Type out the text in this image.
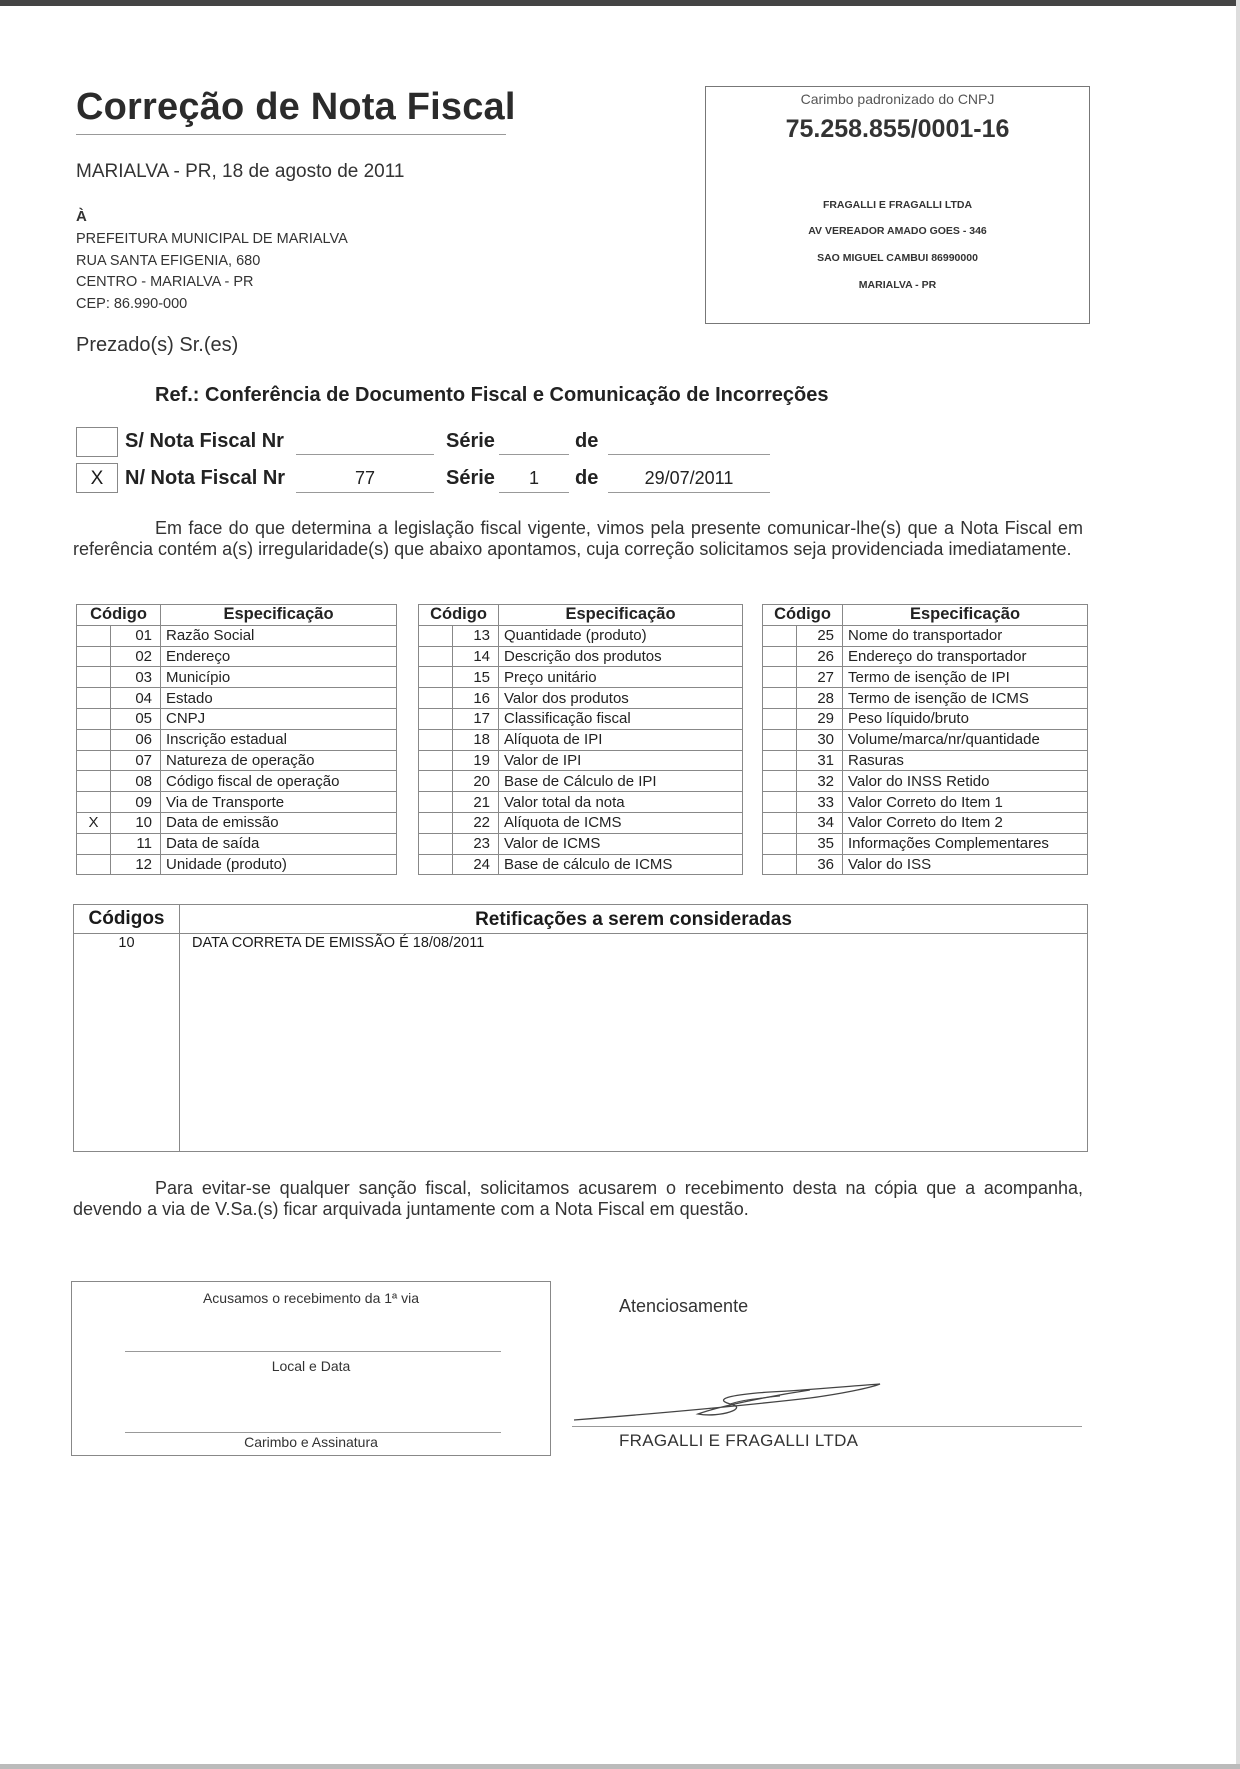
Correção de Nota Fiscal
MARIALVA - PR, 18 de agosto de 2011
À
PREFEITURA MUNICIPAL DE MARIALVA
RUA SANTA EFIGENIA, 680
CENTRO - MARIALVA - PR
CEP: 86.990-000
Prezado(s) Sr.(es)
Carimbo padronizado do CNPJ
75.258.855/0001-16
FRAGALLI E FRAGALLI LTDA
AV VEREADOR AMADO GOES - 346
SAO MIGUEL CAMBUI 86990000
MARIALVA - PR
Ref.: Conferência de Documento Fiscal e Comunicação de Incorreções
S/ Nota Fiscal Nr	Série	de
X	N/ Nota Fiscal Nr	77	Série	1	de	29/07/2011
Em face do que determina a legislação fiscal vigente, vimos pela presente comunicar-lhe(s) que a Nota Fiscal em referência contém a(s) irregularidade(s) que abaixo apontamos, cuja correção solicitamos seja providenciada imediatamente.
Código		Especificação
	01	Razão Social
	02	Endereço
	03	Município
	04	Estado
	05	CNPJ
	06	Inscrição estadual
	07	Natureza de operação
	08	Código fiscal de operação
	09	Via de Transporte
X	10	Data de emissão
	11	Data de saída
	12	Unidade (produto)
Código		Especificação
	13	Quantidade (produto)
	14	Descrição dos produtos
	15	Preço unitário
	16	Valor dos produtos
	17	Classificação fiscal
	18	Alíquota de IPI
	19	Valor de IPI
	20	Base de Cálculo de IPI
	21	Valor total da nota
	22	Alíquota de ICMS
	23	Valor de ICMS
	24	Base de cálculo de ICMS
Código		Especificação
	25	Nome do transportador
	26	Endereço do transportador
	27	Termo de isenção de IPI
	28	Termo de isenção de ICMS
	29	Peso líquido/bruto
	30	Volume/marca/nr/quantidade
	31	Rasuras
	32	Valor do INSS Retido
	33	Valor Correto do Item 1
	34	Valor Correto do Item 2
	35	Informações Complementares
	36	Valor do ISS
Códigos	Retificações a serem consideradas
10	DATA CORRETA DE EMISSÃO É 18/08/2011
Para evitar-se qualquer sanção fiscal, solicitamos acusarem o recebimento desta na cópia que a acompanha, devendo a via de V.Sa.(s) ficar arquivada juntamente com a Nota Fiscal em questão.
Acusamos o recebimento da 1ª via
Local e Data
Carimbo e Assinatura
Atenciosamente
FRAGALLI E FRAGALLI LTDA
